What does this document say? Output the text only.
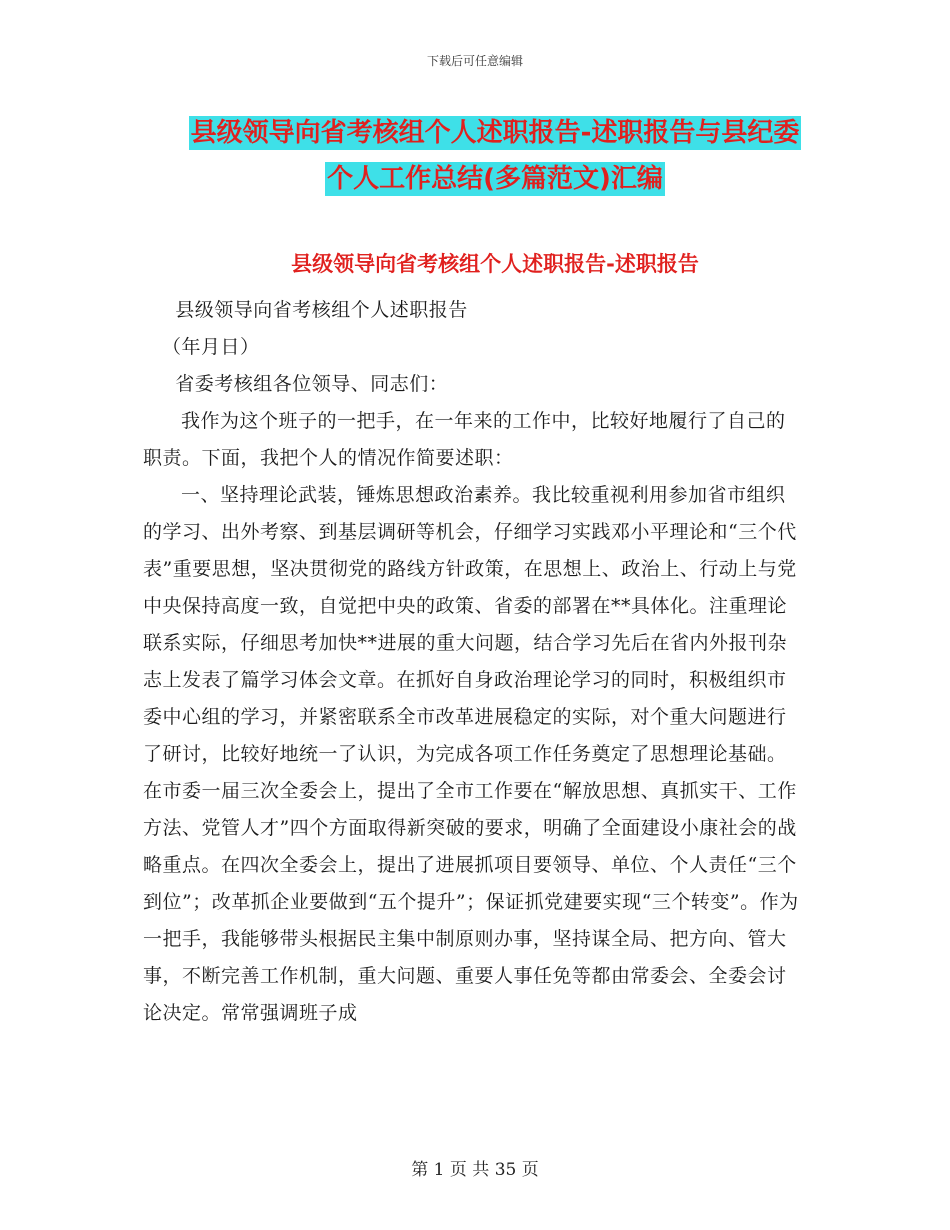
下载后可任意编辑
县级领导向省考核组个人述职报告-述职报告与县纪委
个人工作总结(多篇范文)汇编
县级领导向省考核组个人述职报告-述职报告

县级领导向省考核组个人述职报告

（年月日）

省委考核组各位领导、同志们：

我作为这个班子的一把手，在一年来的工作中，比较好地履行了自己的职责。下面，我把个人的情况作简要述职：

一、坚持理论武装，锤炼思想政治素养。我比较重视利用参加省市组织的学习、出外考察、到基层调研等机会，仔细学习实践邓小平理论和“三个代表”重要思想，坚决贯彻党的路线方针政策，在思想上、政治上、行动上与党中央保持高度一致，自觉把中央的政策、省委的部署在**具体化。注重理论联系实际，仔细思考加快**进展的重大问题，结合学习先后在省内外报刊杂志上发表了篇学习体会文章。在抓好自身政治理论学习的同时，积极组织市委中心组的学习，并紧密联系全市改革进展稳定的实际，对个重大问题进行了研讨，比较好地统一了认识，为完成各项工作任务奠定了思想理论基础。在市委一届三次全委会上，提出了全市工作要在“解放思想、真抓实干、工作方法、党管人才”四个方面取得新突破的要求，明确了全面建设小康社会的战略重点。在四次全委会上，提出了进展抓项目要领导、单位、个人责任“三个到位”；改革抓企业要做到“五个提升”；保证抓党建要实现“三个转变”。作为一把手，我能够带头根据民主集中制原则办事，坚持谋全局、把方向、管大事，不断完善工作机制，重大问题、重要人事任免等都由常委会、全委会讨论决定。常常强调班子成

第 1 页 共 35 页
